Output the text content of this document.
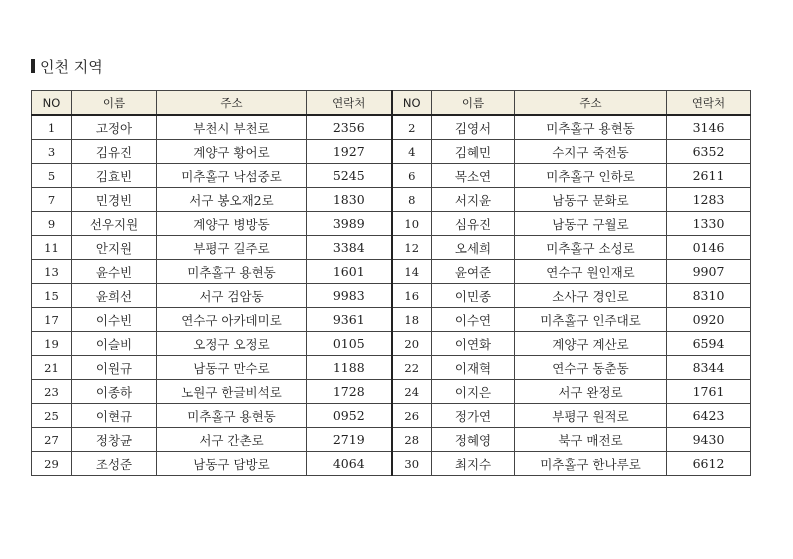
인천 지역
NO	이름	주소	연락처	NO	이름	주소	연락처
1	고정아	부천시 부천로	2356	2	김영서	미추홀구 용현동	3146
3	김유진	계양구 황어로	1927	4	김혜민	수지구 죽전동	6352
5	김효빈	미추홀구 낙섬중로	5245	6	목소연	미추홀구 인하로	2611
7	민경빈	서구 봉오재2로	1830	8	서지윤	남동구 문화로	1283
9	선우지원	계양구 병방동	3989	10	심유진	남동구 구월로	1330
11	안지원	부평구 길주로	3384	12	오세희	미추홀구 소성로	0146
13	윤수빈	미추홀구 용현동	1601	14	윤여준	연수구 원인재로	9907
15	윤희선	서구 검암동	9983	16	이민종	소사구 경인로	8310
17	이수빈	연수구 아카데미로	9361	18	이수연	미추홀구 인주대로	0920
19	이슬비	오정구 오정로	0105	20	이연화	계양구 계산로	6594
21	이원규	남동구 만수로	1188	22	이재혁	연수구 동춘동	8344
23	이종하	노원구 한글비석로	1728	24	이지은	서구 완정로	1761
25	이현규	미추홀구 용현동	0952	26	정가연	부평구 원적로	6423
27	정창균	서구 간촌로	2719	28	정혜영	북구 매전로	9430
29	조성준	남동구 담방로	4064	30	최지수	미추홀구 한나루로	6612
